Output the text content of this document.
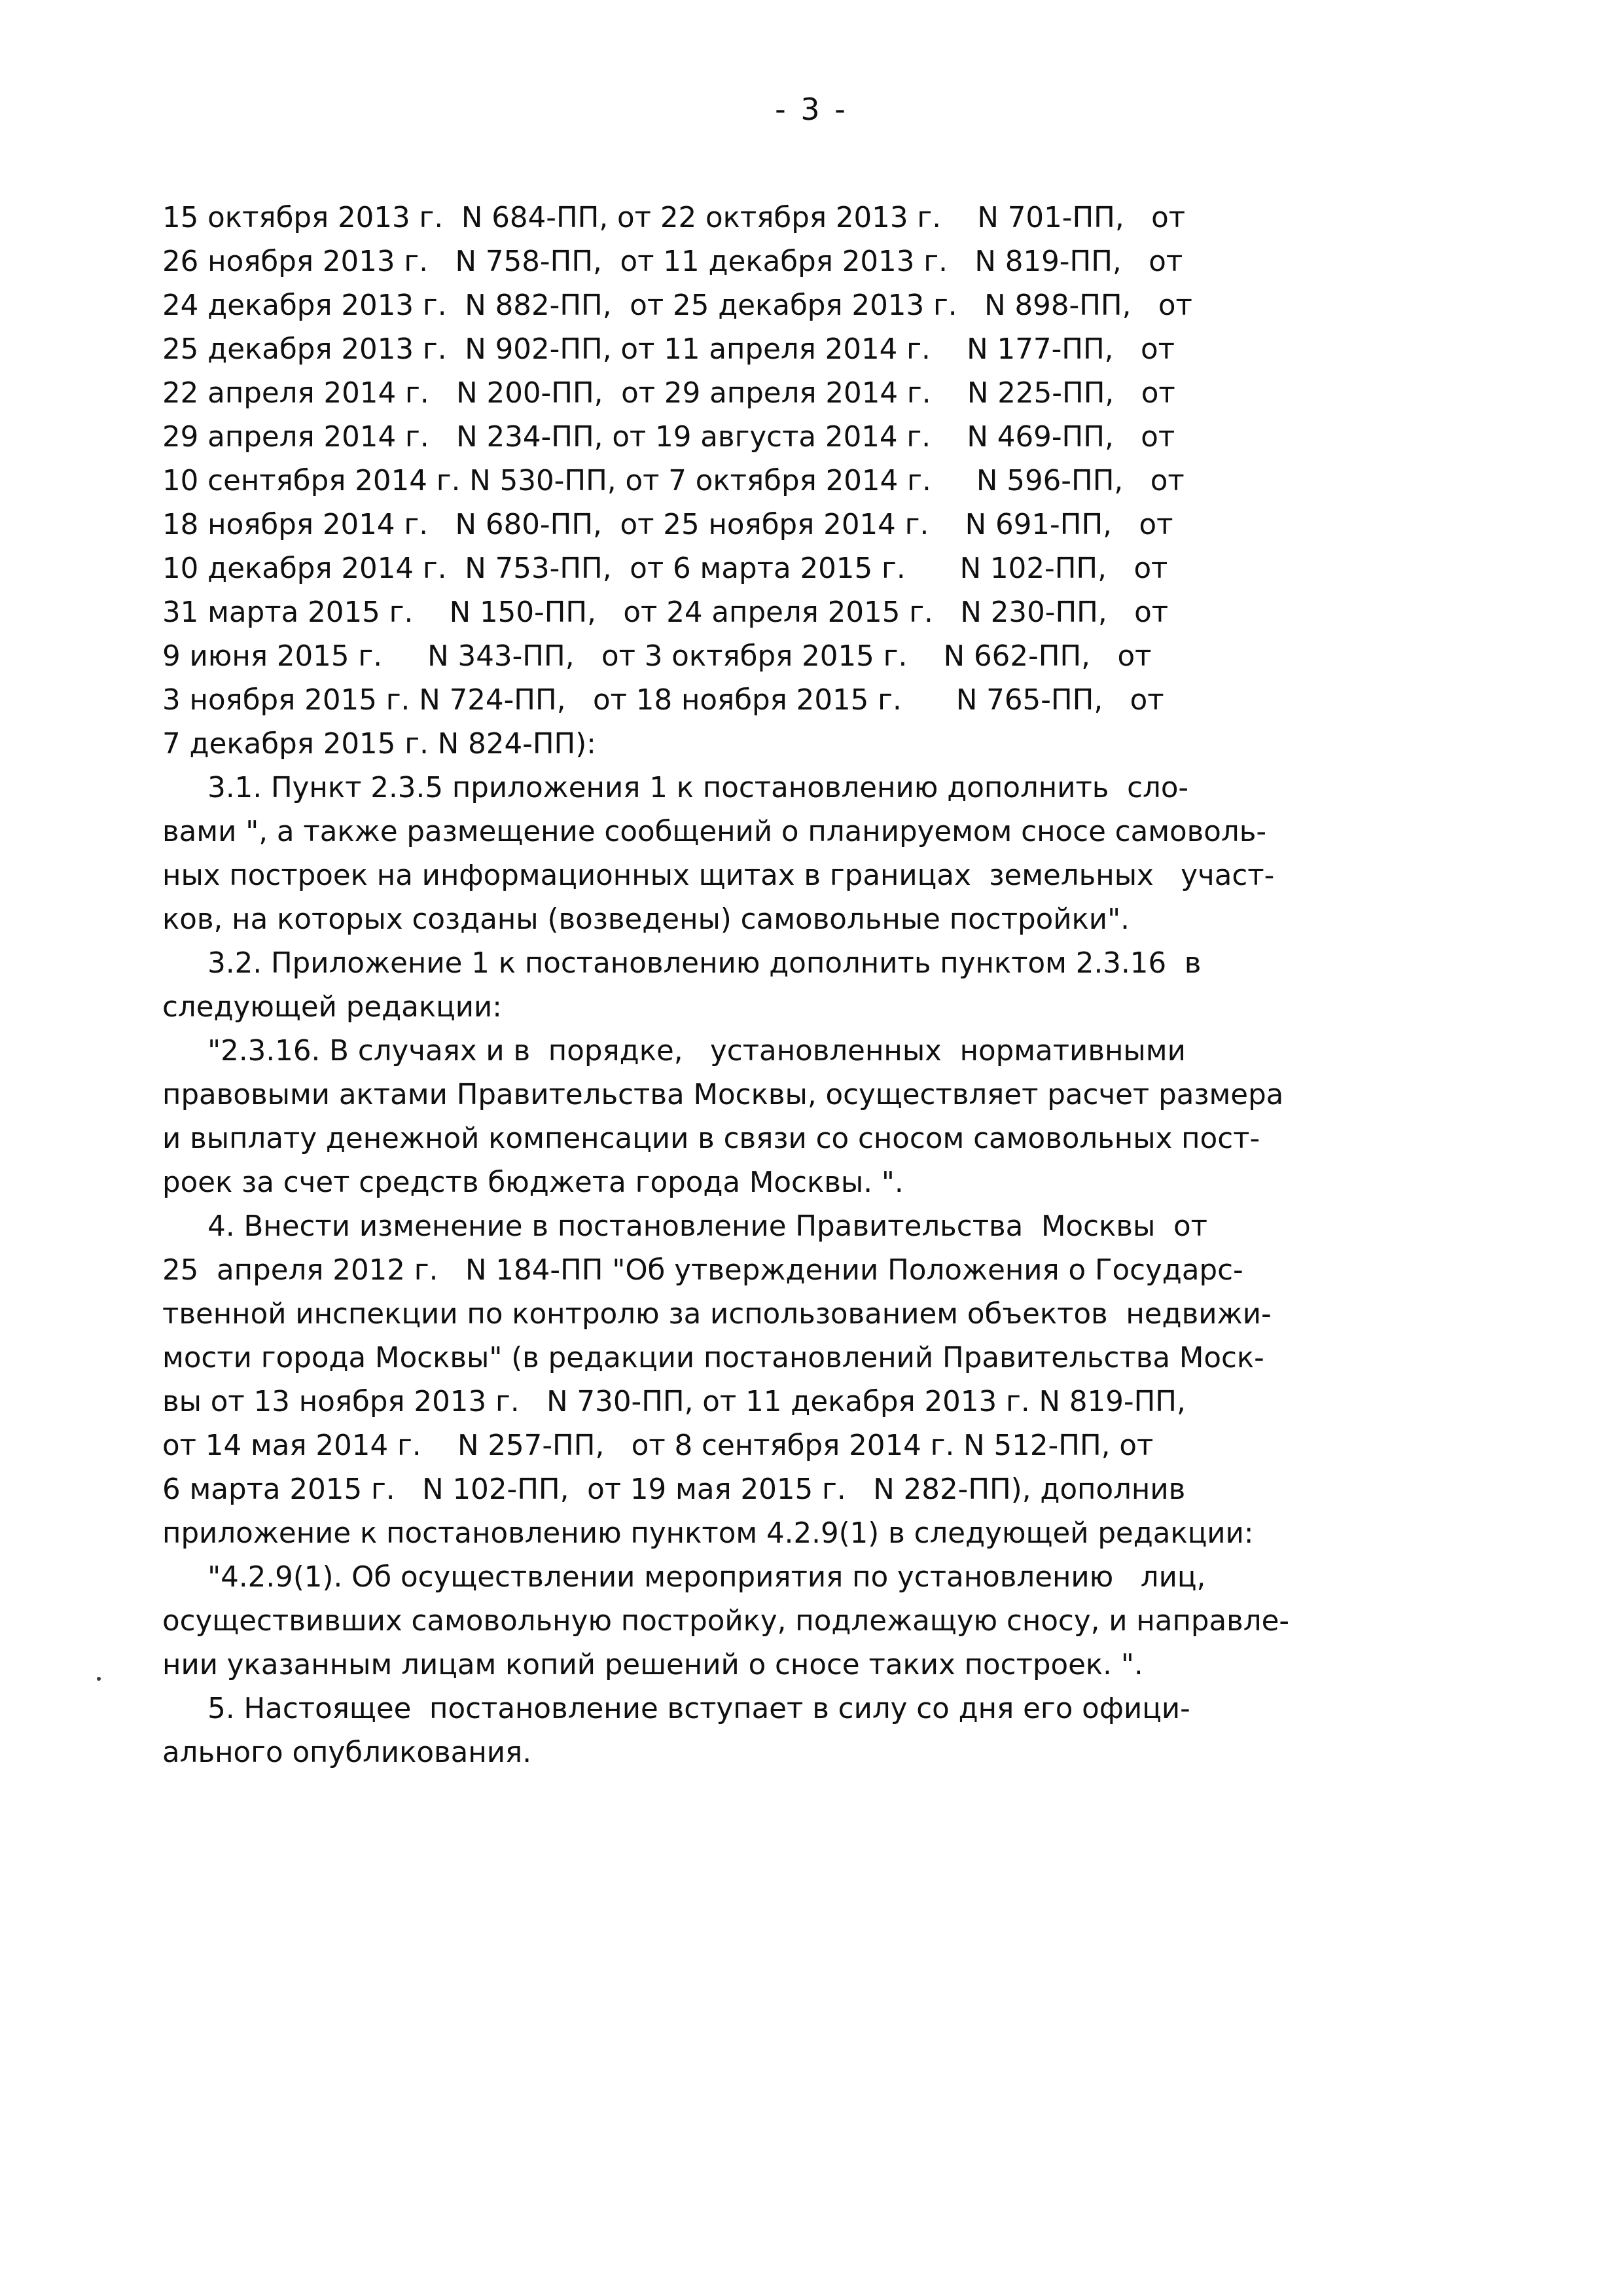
- 3 -
15 октября 2013 г.  N 684-ПП, от 22 октября 2013 г.    N 701-ПП,   от
26 ноября 2013 г.   N 758-ПП,  от 11 декабря 2013 г.   N 819-ПП,   от
24 декабря 2013 г.  N 882-ПП,  от 25 декабря 2013 г.   N 898-ПП,   от
25 декабря 2013 г.  N 902-ПП, от 11 апреля 2014 г.    N 177-ПП,   от
22 апреля 2014 г.   N 200-ПП,  от 29 апреля 2014 г.    N 225-ПП,   от
29 апреля 2014 г.   N 234-ПП, от 19 августа 2014 г.    N 469-ПП,   от
10 сентября 2014 г. N 530-ПП, от 7 октября 2014 г.     N 596-ПП,   от
18 ноября 2014 г.   N 680-ПП,  от 25 ноября 2014 г.    N 691-ПП,   от
10 декабря 2014 г.  N 753-ПП,  от 6 марта 2015 г.      N 102-ПП,   от
31 марта 2015 г.    N 150-ПП,   от 24 апреля 2015 г.   N 230-ПП,   от
9 июня 2015 г.     N 343-ПП,   от 3 октября 2015 г.    N 662-ПП,   от
3 ноября 2015 г. N 724-ПП,   от 18 ноября 2015 г.      N 765-ПП,   от
7 декабря 2015 г. N 824-ПП):
3.1. Пункт 2.3.5 приложения 1 к постановлению дополнить  сло-
вами ", а также размещение сообщений о планируемом сносе самоволь-
ных построек на информационных щитах в границах  земельных   участ-
ков, на которых созданы (возведены) самовольные постройки".
3.2. Приложение 1 к постановлению дополнить пунктом 2.3.16  в
следующей редакции:
"2.3.16. В случаях и в  порядке,   установленных  нормативными
правовыми актами Правительства Москвы, осуществляет расчет размера
и выплату денежной компенсации в связи со сносом самовольных пост-
роек за счет средств бюджета города Москвы. ".
4. Внести изменение в постановление Правительства  Москвы  от
25  апреля 2012 г.   N 184-ПП "Об утверждении Положения о Государс-
твенной инспекции по контролю за использованием объектов  недвижи-
мости города Москвы" (в редакции постановлений Правительства Моск-
вы от 13 ноября 2013 г.   N 730-ПП, от 11 декабря 2013 г. N 819-ПП,
от 14 мая 2014 г.    N 257-ПП,   от 8 сентября 2014 г. N 512-ПП, от
6 марта 2015 г.   N 102-ПП,  от 19 мая 2015 г.   N 282-ПП), дополнив
приложение к постановлению пунктом 4.2.9(1) в следующей редакции:
"4.2.9(1). Об осуществлении мероприятия по установлению   лиц,
осуществивших самовольную постройку, подлежащую сносу, и направле-
нии указанным лицам копий решений о сносе таких построек. ".
5. Настоящее  постановление вступает в силу со дня его офици-
ального опубликования.
